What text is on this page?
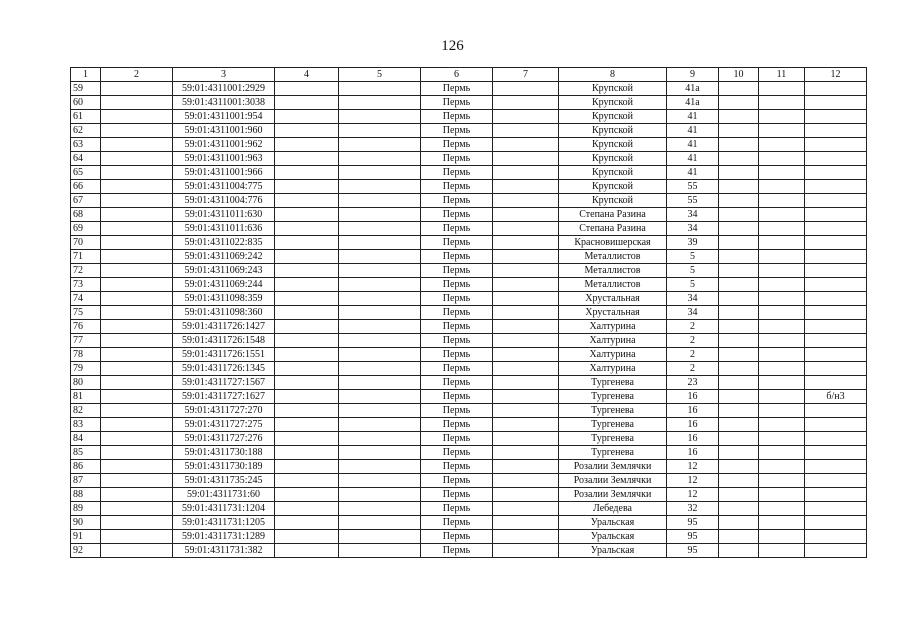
126
1	2	3	4	5	6	7	8	9	10	11	12
59		59:01:4311001:2929			Пермь		Крупской	41а			
60		59:01:4311001:3038			Пермь		Крупской	41а			
61		59:01:4311001:954			Пермь		Крупской	41			
62		59:01:4311001:960			Пермь		Крупской	41			
63		59:01:4311001:962			Пермь		Крупской	41			
64		59:01:4311001:963			Пермь		Крупской	41			
65		59:01:4311001:966			Пермь		Крупской	41			
66		59:01:4311004:775			Пермь		Крупской	55			
67		59:01:4311004:776			Пермь		Крупской	55			
68		59:01:4311011:630			Пермь		Степана Разина	34			
69		59:01:4311011:636			Пермь		Степана Разина	34			
70		59:01:4311022:835			Пермь		Красновишерская	39			
71		59:01:4311069:242			Пермь		Металлистов	5			
72		59:01:4311069:243			Пермь		Металлистов	5			
73		59:01:4311069:244			Пермь		Металлистов	5			
74		59:01:4311098:359			Пермь		Хрустальная	34			
75		59:01:4311098:360			Пермь		Хрустальная	34			
76		59:01:4311726:1427			Пермь		Халтурина	2			
77		59:01:4311726:1548			Пермь		Халтурина	2			
78		59:01:4311726:1551			Пермь		Халтурина	2			
79		59:01:4311726:1345			Пермь		Халтурина	2			
80		59:01:4311727:1567			Пермь		Тургенева	23			
81		59:01:4311727:1627			Пермь		Тургенева	16			б/н3
82		59:01:4311727:270			Пермь		Тургенева	16			
83		59:01:4311727:275			Пермь		Тургенева	16			
84		59:01:4311727:276			Пермь		Тургенева	16			
85		59:01:4311730:188			Пермь		Тургенева	16			
86		59:01:4311730:189			Пермь		Розалии Землячки	12			
87		59:01:4311735:245			Пермь		Розалии Землячки	12			
88		59:01:4311731:60			Пермь		Розалии Землячки	12			
89		59:01:4311731:1204			Пермь		Лебедева	32			
90		59:01:4311731:1205			Пермь		Уральская	95			
91		59:01:4311731:1289			Пермь		Уральская	95			
92		59:01:4311731:382			Пермь		Уральская	95			
